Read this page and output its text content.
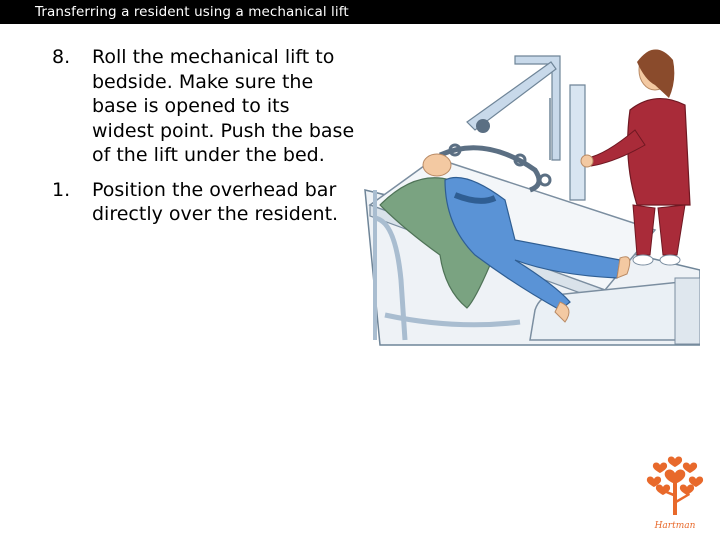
Transferring a resident using a mechanical lift
8.	Roll the mechanical lift to bedside. Make sure the base is opened to its widest point. Push the base of the lift under the bed.
1.	Position the overhead bar directly over the resident.
Hartman
